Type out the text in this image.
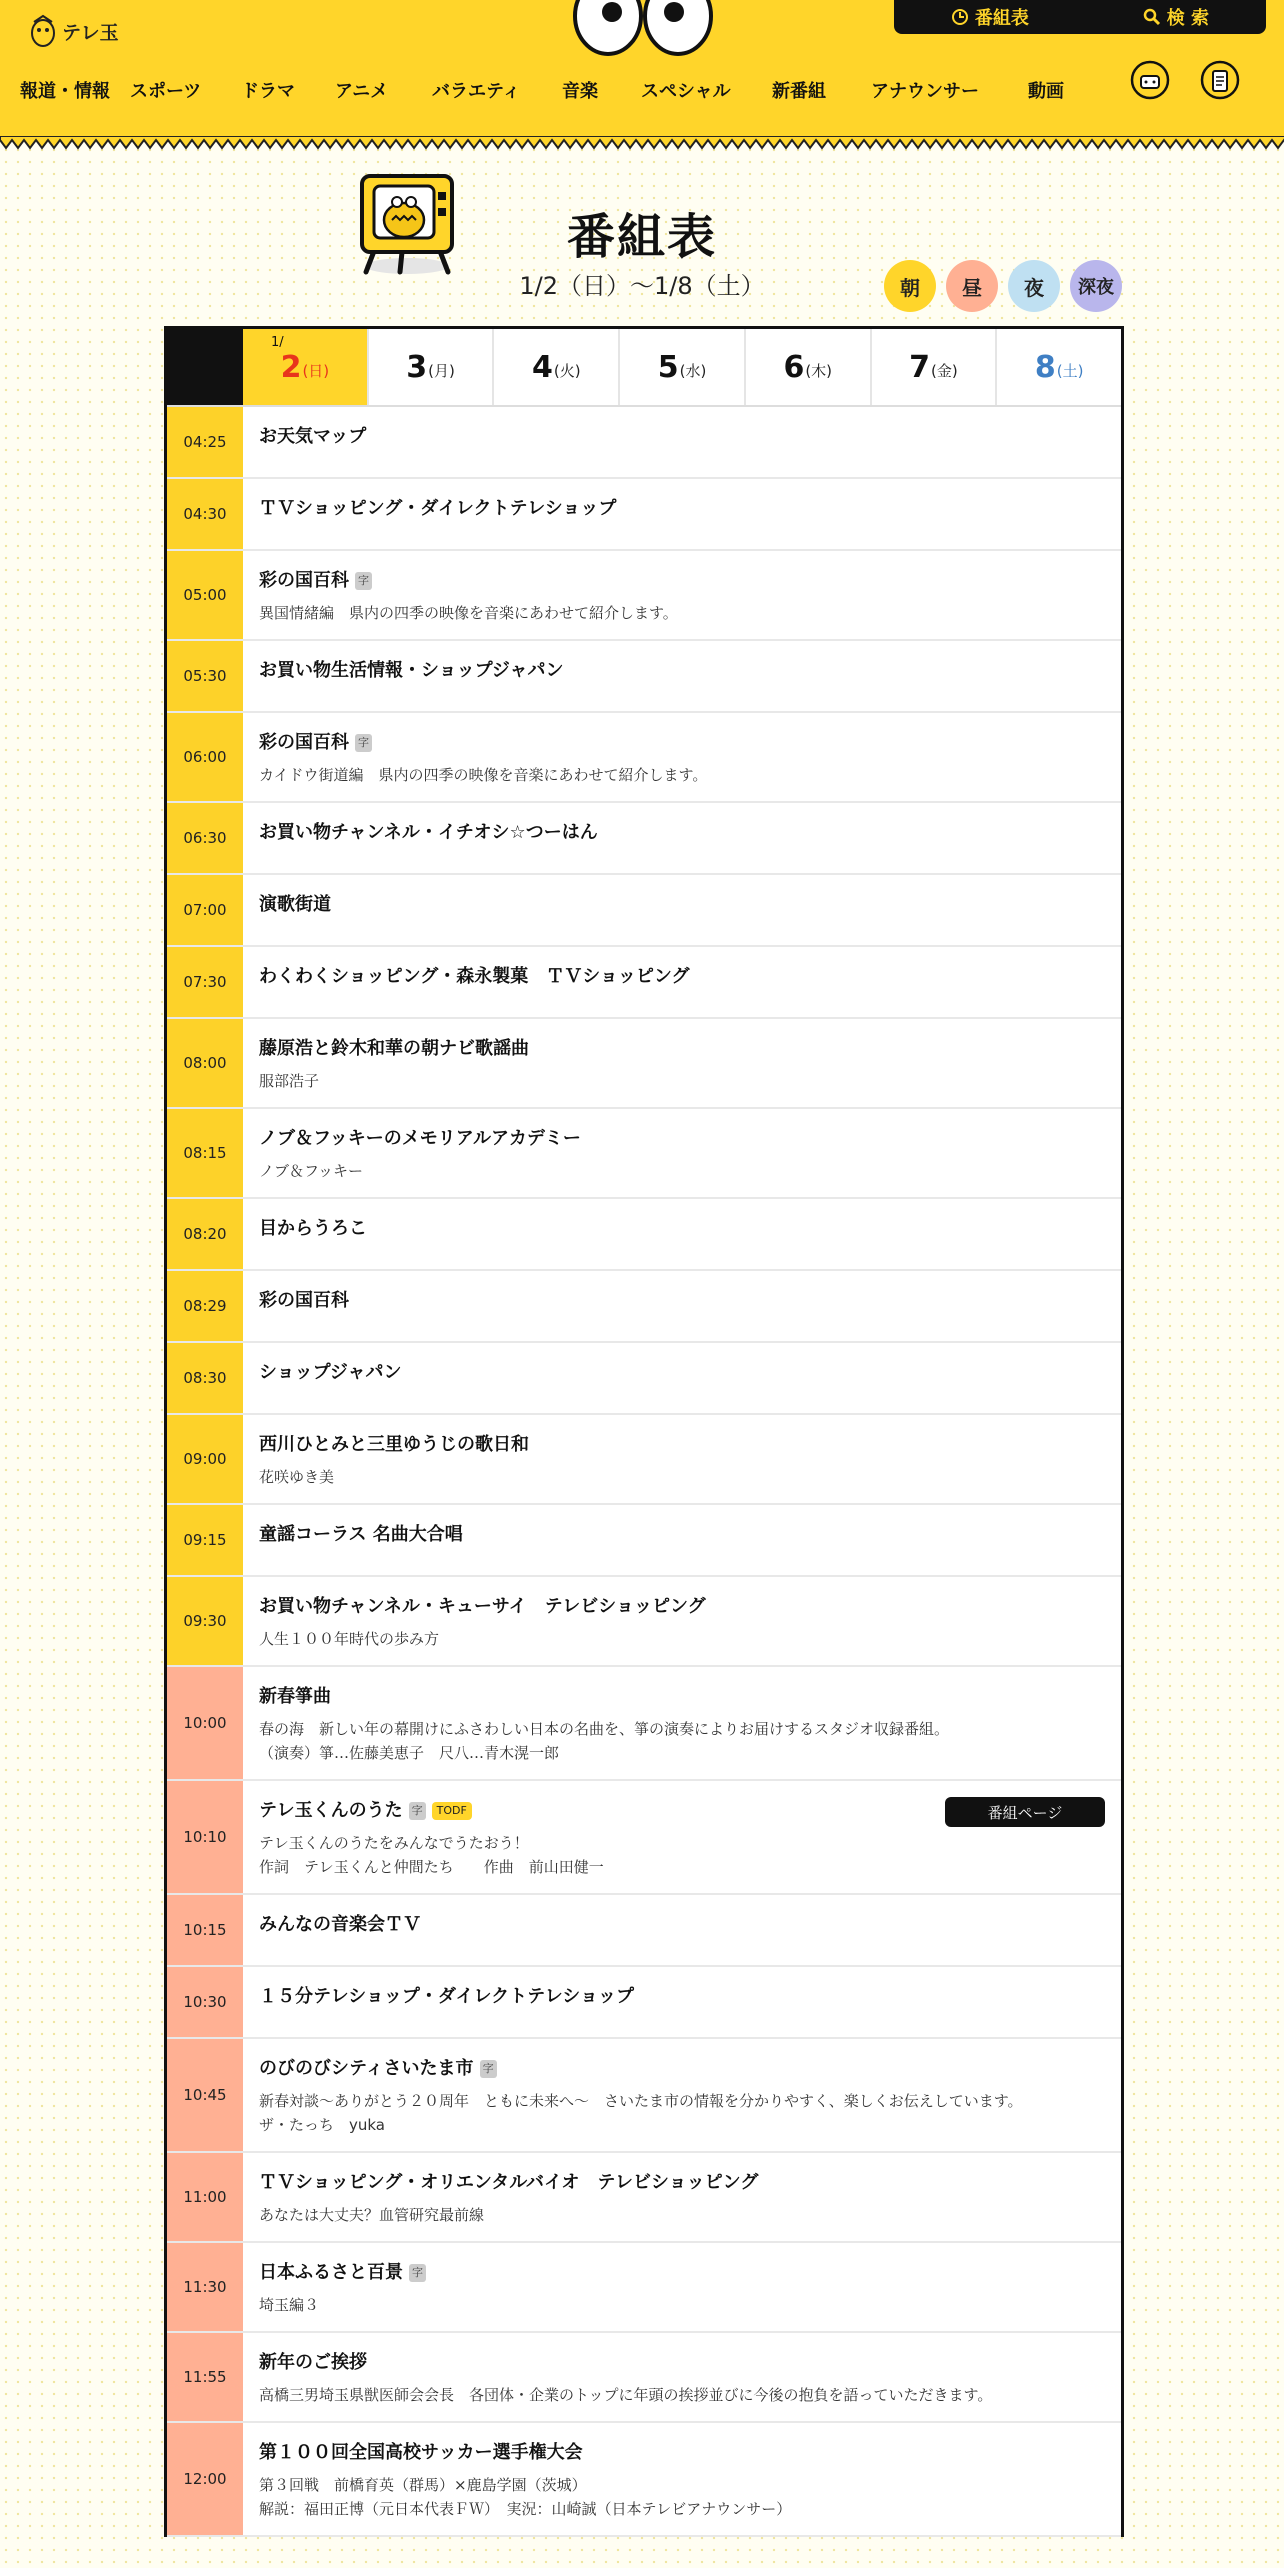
テレ玉
番組表	検 索
報道・情報	スポーツ	ドラマ	アニメ	バラエティ	音楽	スペシャル	新番組	アナウンサー	動画
番組表
1/2（日）〜1/8（土）	朝	昼	夜	深夜
1/
2 (日)	3 (月)	4 (火)	5 (水)	6 (木)	7 (金)	8 (土)
04:25	お天気マップ
04:30	ＴＶショッピング・ダイレクトテレショップ
05:00
彩の国百科 字
異国情緒編　県内の四季の映像を音楽にあわせて紹介します。
05:30	お買い物生活情報・ショップジャパン
06:00
彩の国百科 字
カイドウ街道編　県内の四季の映像を音楽にあわせて紹介します。
06:30	お買い物チャンネル・イチオシ☆つーはん
07:00	演歌街道
07:30	わくわくショッピング・森永製菓　ＴＶショッピング
08:00
藤原浩と鈴木和華の朝ナビ歌謡曲
服部浩子
08:15
ノブ＆フッキーのメモリアルアカデミー
ノブ＆フッキー
08:20	目からうろこ
08:29	彩の国百科
08:30	ショップジャパン
09:00
西川ひとみと三里ゆうじの歌日和
花咲ゆき美
09:15	童謡コーラス 名曲大合唱
09:30
お買い物チャンネル・キューサイ　テレビショッピング
人生１００年時代の歩み方
10:00
新春箏曲
春の海　新しい年の幕開けにふさわしい日本の名曲を、箏の演奏によりお届けするスタジオ収録番組。
（演奏）箏…佐藤美恵子　尺八…青木滉一郎
10:10
テレ玉くんのうた 字 TODF
テレ玉くんのうたをみんなでうたおう！
作詞　テレ玉くんと仲間たち　　作曲　前山田健一
番組ページ
10:15	みんなの音楽会ＴＶ
10:30	１５分テレショップ・ダイレクトテレショップ
10:45
のびのびシティさいたま市 字
新春対談～ありがとう２０周年　ともに未来へ～　さいたま市の情報を分かりやすく、楽しくお伝えしています。
ザ・たっち　yuka
11:00
ＴＶショッピング・オリエンタルバイオ　テレビショッピング
あなたは大丈夫？血管研究最前線
11:30
日本ふるさと百景 字
埼玉編３
11:55
新年のご挨拶
高橋三男埼玉県獣医師会会長　各団体・企業のトップに年頭の挨拶並びに今後の抱負を語っていただきます。
12:00
第１００回全国高校サッカー選手権大会
第３回戦　前橋育英（群馬）×鹿島学園（茨城）
解説：福田正博（元日本代表ＦＷ）　実況：山崎誠（日本テレビアナウンサー）
